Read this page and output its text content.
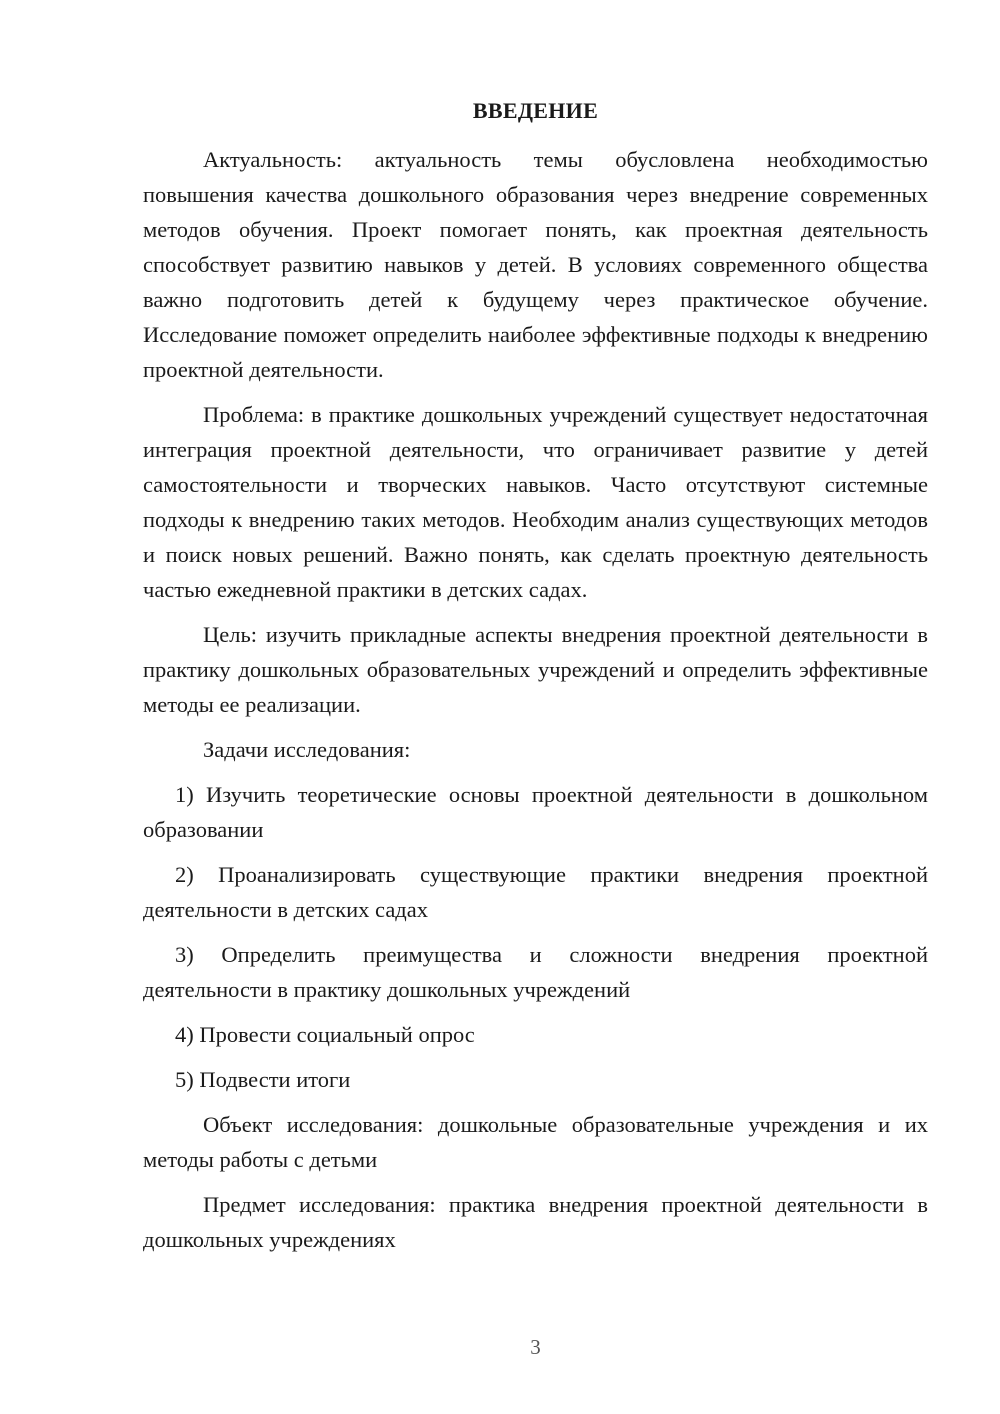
ВВЕДЕНИЕ

Актуальность: актуальность темы обусловлена необходимостью повышения качества дошкольного образования через внедрение современных методов обучения. Проект помогает понять, как проектная деятельность способствует развитию навыков у детей. В условиях современного общества важно подготовить детей к будущему через практическое обучение. Исследование поможет определить наиболее эффективные подходы к внедрению проектной деятельности.

Проблема: в практике дошкольных учреждений существует недостаточная интеграция проектной деятельности, что ограничивает развитие у детей самостоятельности и творческих навыков. Часто отсутствуют системные подходы к внедрению таких методов. Необходим анализ существующих методов и поиск новых решений. Важно понять, как сделать проектную деятельность частью ежедневной практики в детских садах.

Цель: изучить прикладные аспекты внедрения проектной деятельности в практику дошкольных образовательных учреждений и определить эффективные методы ее реализации.

Задачи исследования:

1) Изучить теоретические основы проектной деятельности в дошкольном образовании

2) Проанализировать существующие практики внедрения проектной деятельности в детских садах

3) Определить преимущества и сложности внедрения проектной деятельности в практику дошкольных учреждений

4) Провести социальный опрос

5) Подвести итоги

Объект исследования: дошкольные образовательные учреждения и их методы работы с детьми

Предмет исследования: практика внедрения проектной деятельности в дошкольных учреждениях

3
